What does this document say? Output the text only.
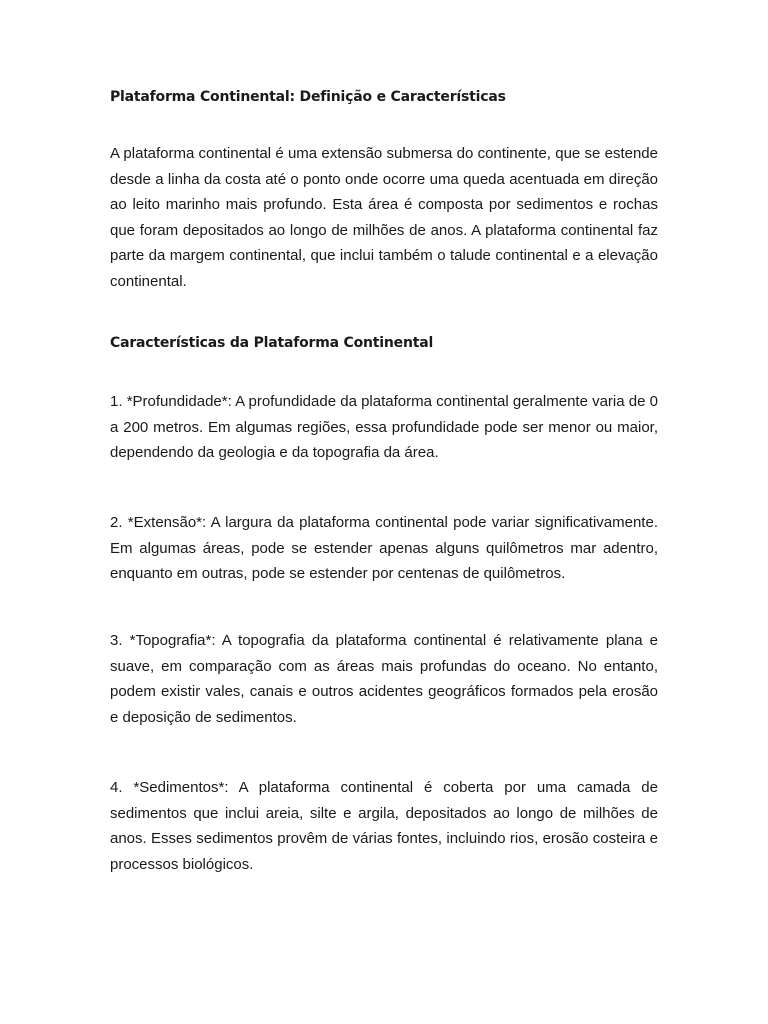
Plataforma Continental: Definição e Características

A plataforma continental é uma extensão submersa do continente, que se estende desde a linha da costa até o ponto onde ocorre uma queda acentuada em direção ao leito marinho mais profundo. Esta área é composta por sedimentos e rochas que foram depositados ao longo de milhões de anos. A plataforma continental faz parte da margem continental, que inclui também o talude continental e a elevação continental.

Características da Plataforma Continental

1. *Profundidade*: A profundidade da plataforma continental geralmente varia de 0 a 200 metros. Em algumas regiões, essa profundidade pode ser menor ou maior, dependendo da geologia e da topografia da área.

2. *Extensão*: A largura da plataforma continental pode variar significativamente. Em algumas áreas, pode se estender apenas alguns quilômetros mar adentro, enquanto em outras, pode se estender por centenas de quilômetros.

3. *Topografia*: A topografia da plataforma continental é relativamente plana e suave, em comparação com as áreas mais profundas do oceano. No entanto, podem existir vales, canais e outros acidentes geográficos formados pela erosão e deposição de sedimentos.

4. *Sedimentos*: A plataforma continental é coberta por uma camada de sedimentos que inclui areia, silte e argila, depositados ao longo de milhões de anos. Esses sedimentos provêm de várias fontes, incluindo rios, erosão costeira e processos biológicos.
